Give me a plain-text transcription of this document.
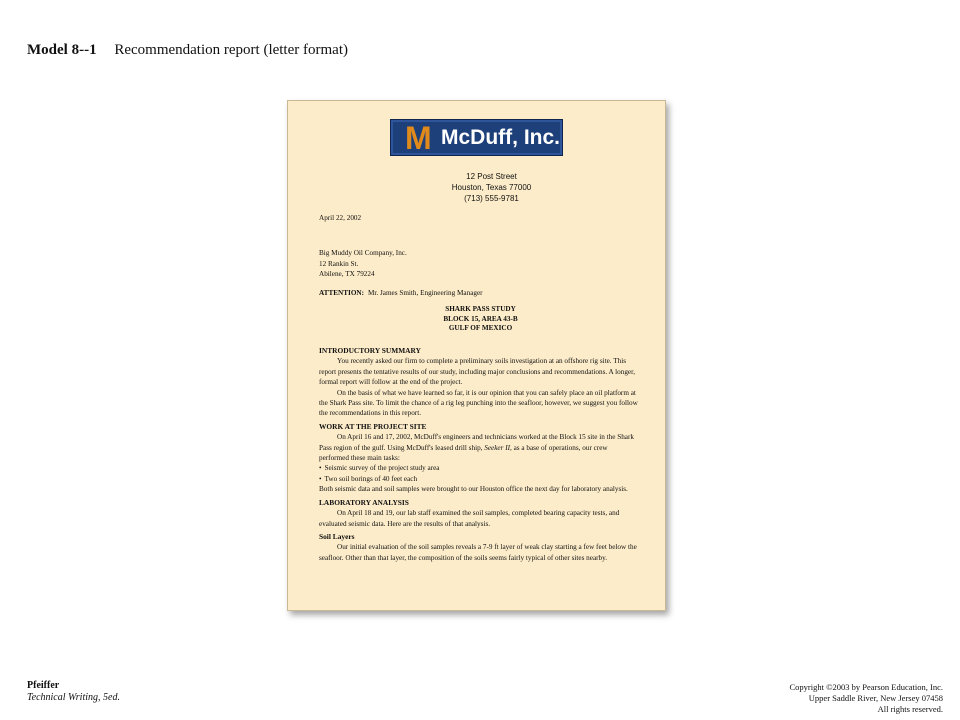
Model 8--1 Recommendation report (letter format)
M McDuff, Inc.
12 Post Street
Houston, Texas 77000
(713) 555-9781
April 22, 2002
Big Muddy Oil Company, Inc.
12 Rankin St.
Abilene, TX 79224
ATTENTION: Mr. James Smith, Engineering Manager
SHARK PASS STUDY
BLOCK 15, AREA 43-B
GULF OF MEXICO
INTRODUCTORY SUMMARY

You recently asked our firm to complete a preliminary soils investigation at an offshore rig site. This report presents the tentative results of our study, including major conclusions and recommendations. A longer, formal report will follow at the end of the project.

On the basis of what we have learned so far, it is our opinion that you can safely place an oil platform at the Shark Pass site. To limit the chance of a rig leg punching into the seafloor, however, we suggest you follow the recommendations in this report.

WORK AT THE PROJECT SITE

On April 16 and 17, 2002, McDuff's engineers and technicians worked at the Block 15 site in the Shark Pass region of the gulf. Using McDuff's leased drill ship, Seeker II, as a base of operations, our crew performed these main tasks:

• Seismic survey of the project study area
• Two soil borings of 40 feet each

Both seismic data and soil samples were brought to our Houston office the next day for laboratory analysis.

LABORATORY ANALYSIS

On April 18 and 19, our lab staff examined the soil samples, completed bearing capacity tests, and evaluated seismic data. Here are the results of that analysis.

Soil Layers

Our initial evaluation of the soil samples reveals a 7-9 ft layer of weak clay starting a few feet below the seafloor. Other than that layer, the composition of the soils seems fairly typical of other sites nearby.

Pfeiffer
Technical Writing, 5ed.
Copyright ©2003 by Pearson Education, Inc.
Upper Saddle River, New Jersey 07458
All rights reserved.
